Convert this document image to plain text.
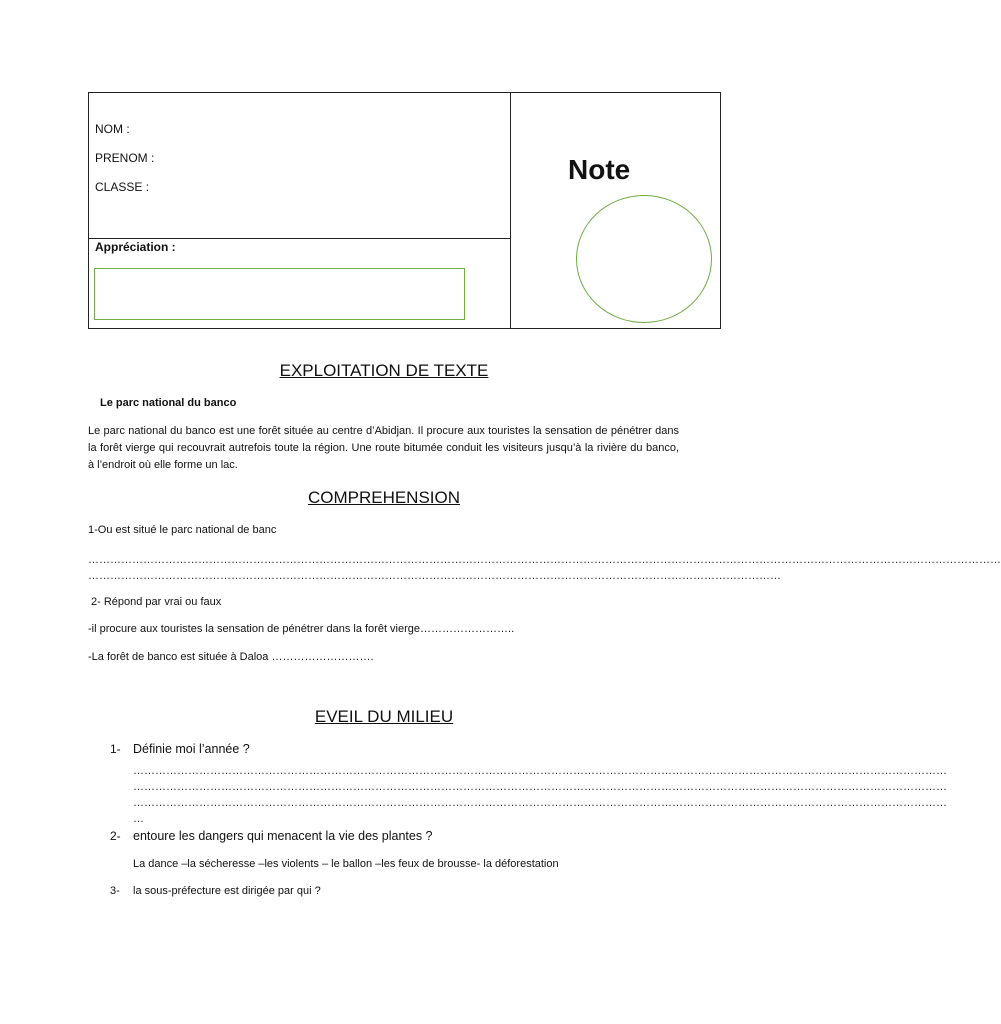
NOM :
PRENOM :
CLASSE :
Appréciation :
Note
EXPLOITATION DE TEXTE
Le parc national du banco
Le parc national du banco est une forêt située au centre d’Abidjan. Il procure aux touristes la sensation de pénétrer dans la forêt vierge qui recouvrait autrefois toute la région. Une route bitumée conduit les visiteurs jusqu’à la rivière du banco, à l’endroit où elle forme un lac.
COMPREHENSION
1-Ou est situé le parc national de banc
……………………………………………………………………………………………………………………………………………………………………………………………………………………………
………………………………………………………………………………………………………………………………………………………………………
2- Répond par vrai ou faux
-il procure aux touristes la sensation de pénétrer dans la forêt vierge……………………..
-La forêt de banco est située à Daloa ……………………….
EVEIL DU MILIEU
1- Définie moi l’année ?
……………………………………………………………………………………………………………………………………………………………………………………………………
……………………………………………………………………………………………………………………………………………………………………………………………………
……………………………………………………………………………………………………………………………………………………………………………………………………
…
2- entoure les dangers qui menacent la vie des plantes ?
La dance –la sécheresse –les violents – le ballon –les feux de brousse- la déforestation
3- la sous-préfecture est dirigée par qui ?
